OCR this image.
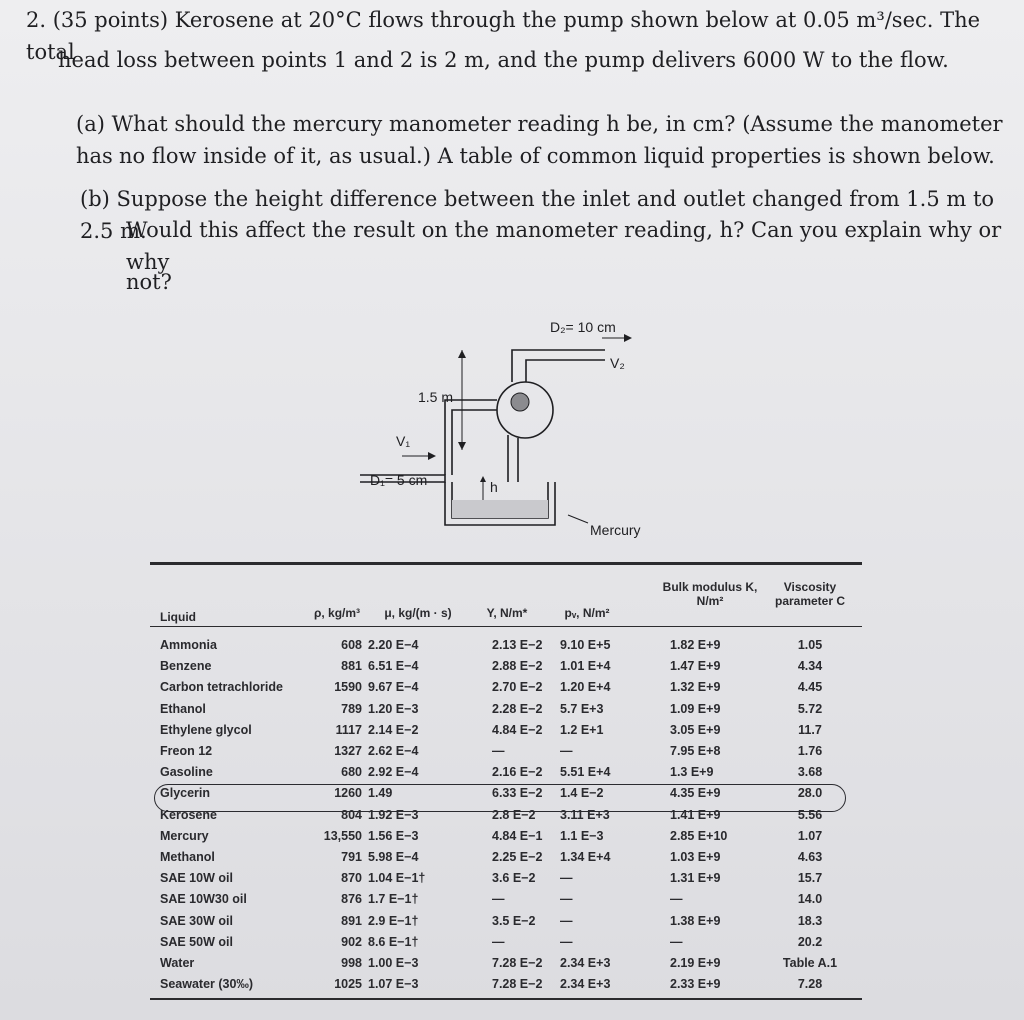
2. (35 points) Kerosene at 20°C flows through the pump shown below at 0.05 m³/sec. The total
head loss between points 1 and 2 is 2 m, and the pump delivers 6000 W to the flow.
(a) What should the mercury manometer reading h be, in cm? (Assume the manometer has no flow inside of it, as usual.) A table of common liquid properties is shown below.
(b) Suppose the height difference between the inlet and outlet changed from 1.5 m to 2.5 m.
Would this affect the result on the manometer reading, h? Can you explain why or why
not?
D₂= 10 cm
V₂
1.5 m
V₁
D₁= 5 cm	h
Mercury
Liquid	ρ, kg/m³	μ, kg/(m · s)	Y, N/m*	pᵥ, N/m²
Bulk modulus K,
N/m²
Viscosity
parameter C
Ammonia	608 2.20 E−4	2.13 E−2 9.10 E+5	1.82 E+9	1.05
Benzene	881 6.51 E−4	2.88 E−2 1.01 E+4	1.47 E+9	4.34
Carbon tetrachloride	1590 9.67 E−4	2.70 E−2 1.20 E+4	1.32 E+9	4.45
Ethanol	789 1.20 E−3	2.28 E−2 5.7 E+3	1.09 E+9	5.72
Ethylene glycol	1117 2.14 E−2	4.84 E−2 1.2 E+1	3.05 E+9	11.7
Freon 12	1327 2.62 E−4	—	—	7.95 E+8	1.76
Gasoline	680 2.92 E−4	2.16 E−2 5.51 E+4	1.3 E+9	3.68
Glycerin	1260 1.49	6.33 E−2 1.4 E−2	4.35 E+9	28.0
Kerosene	804 1.92 E−3	2.8 E−2 3.11 E+3	1.41 E+9	5.56
Mercury	13,550 1.56 E−3	4.84 E−1 1.1 E−3	2.85 E+10	1.07
Methanol	791 5.98 E−4	2.25 E−2 1.34 E+4	1.03 E+9	4.63
SAE 10W oil	870 1.04 E−1†	3.6 E−2 —	1.31 E+9	15.7
SAE 10W30 oil	876 1.7 E−1†	—	—	—	14.0
SAE 30W oil	891 2.9 E−1†	3.5 E−2 —	1.38 E+9	18.3
SAE 50W oil	902 8.6 E−1†	—	—	—	20.2
Water	998 1.00 E−3	7.28 E−2 2.34 E+3	2.19 E+9	Table A.1
Seawater (30‰)	1025 1.07 E−3	7.28 E−2 2.34 E+3	2.33 E+9	7.28
